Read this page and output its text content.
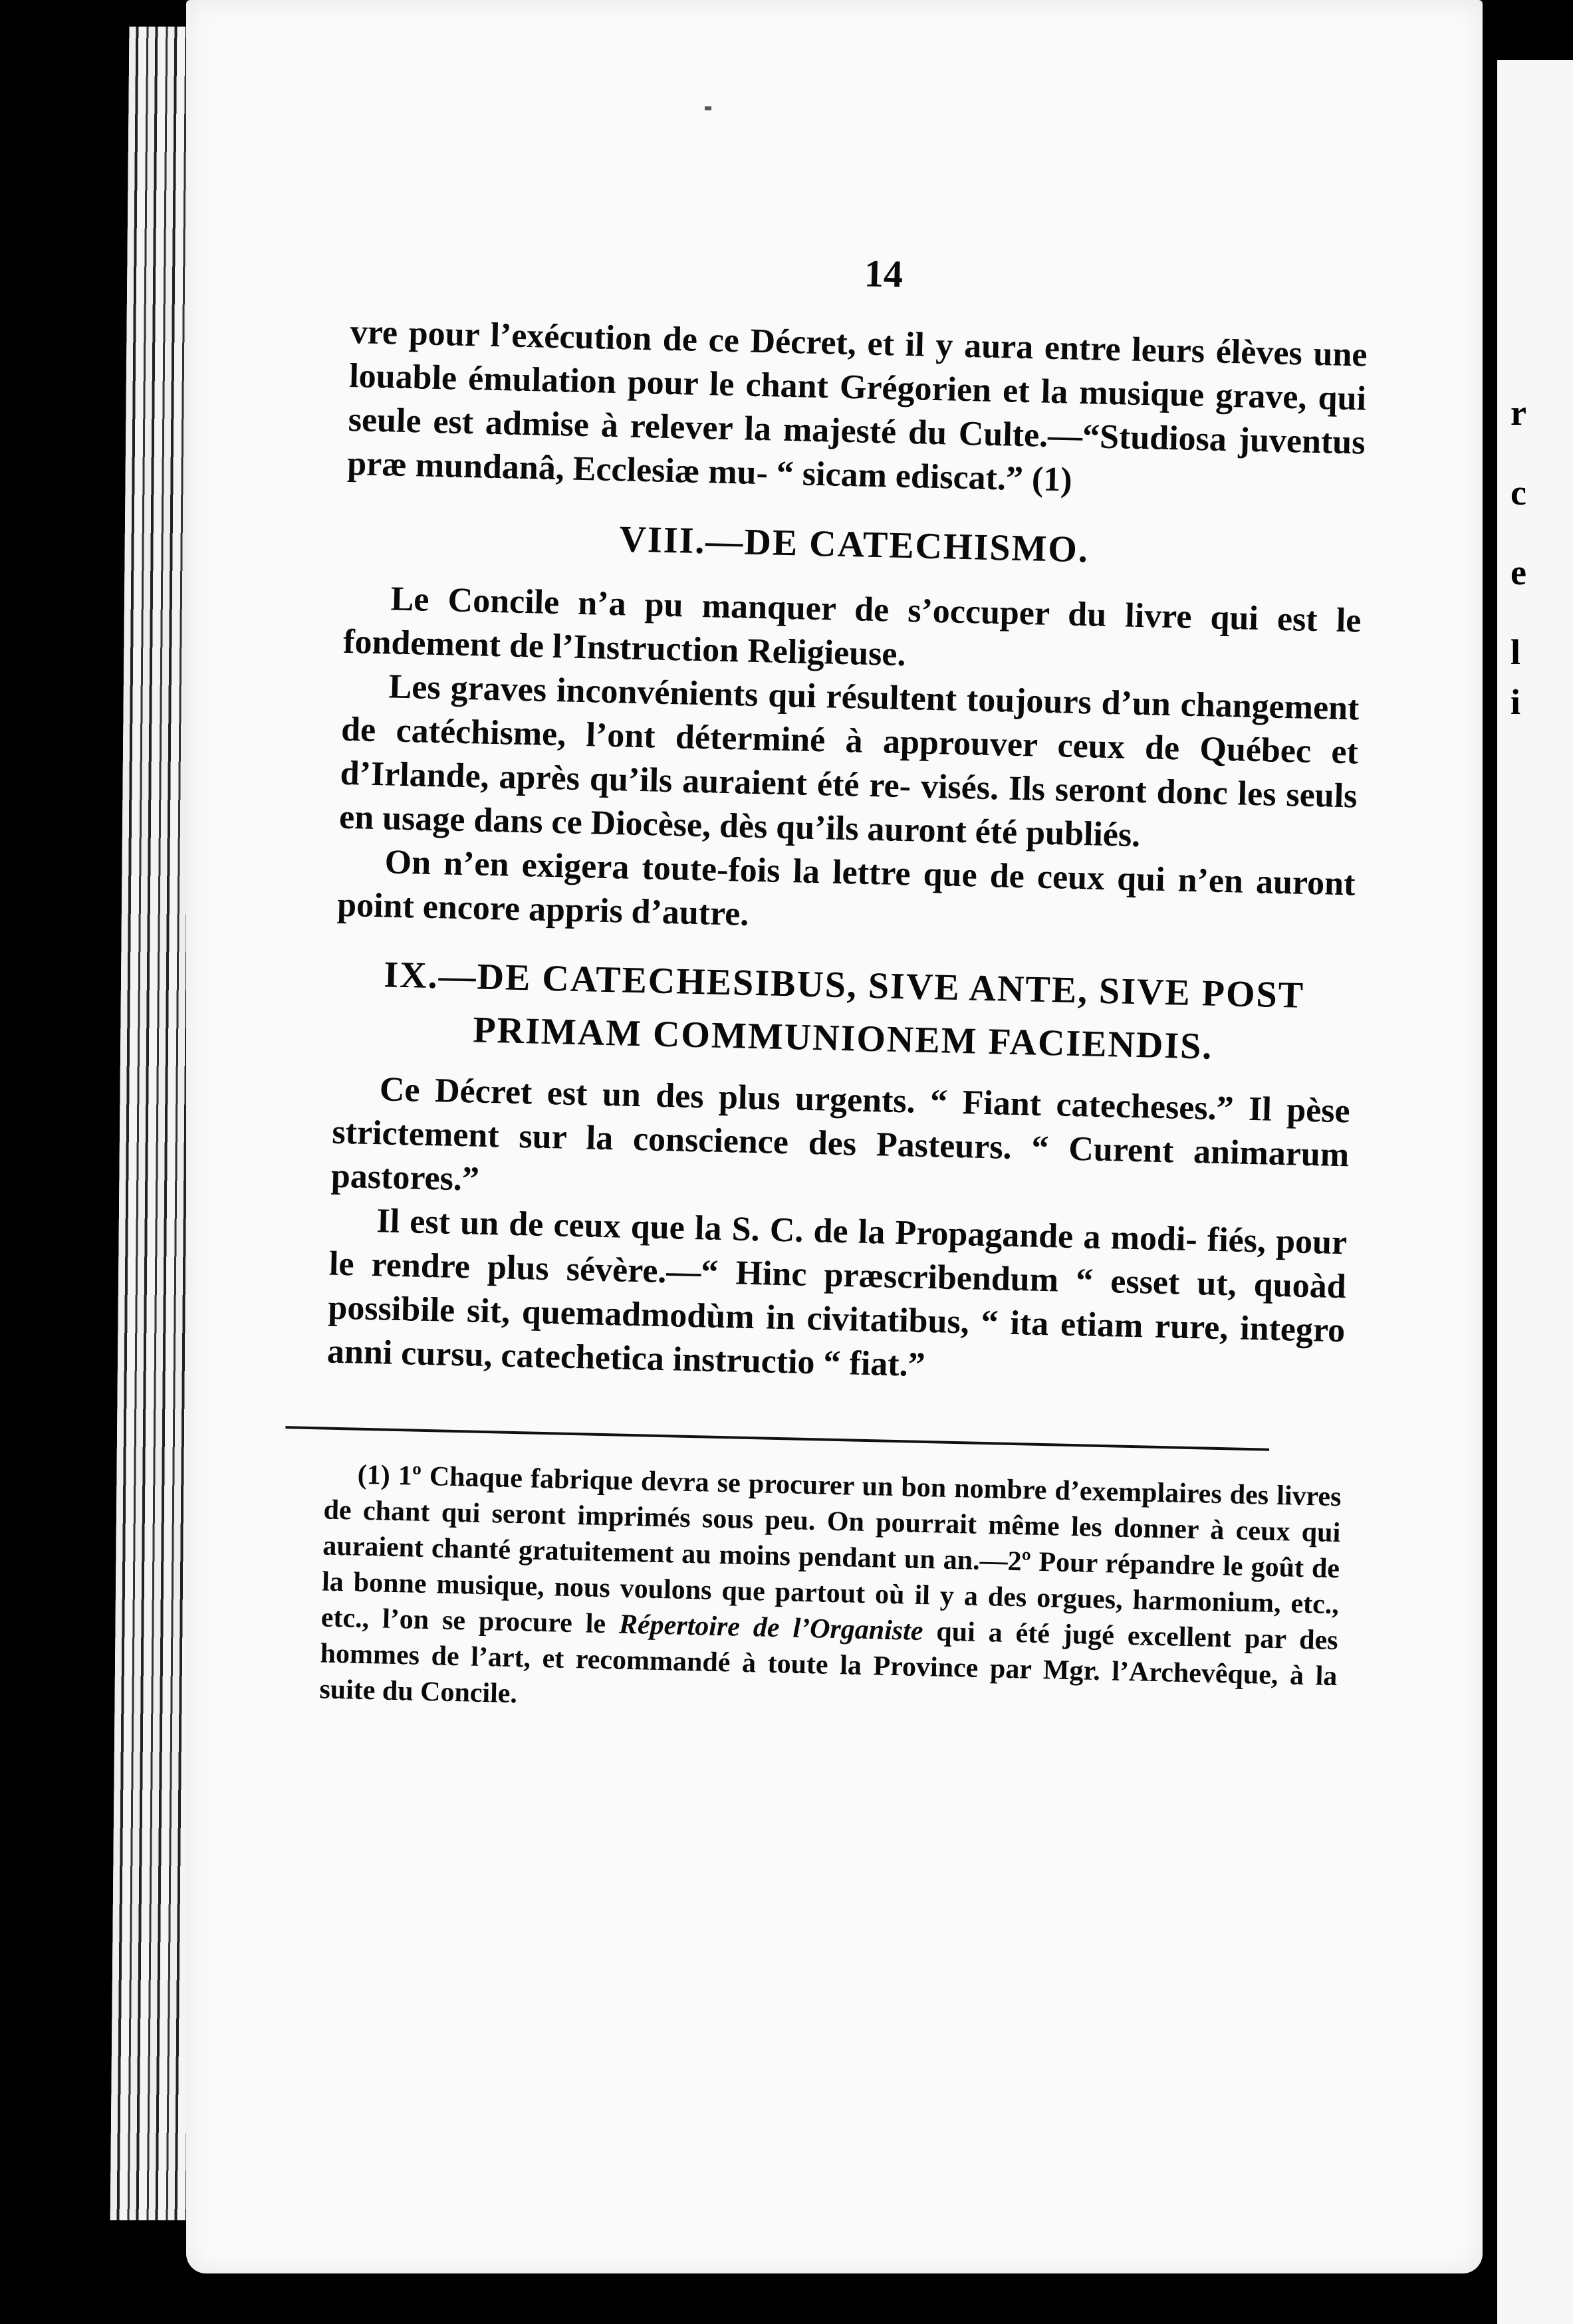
r
c
e
l
i
14

vre pour l’exécution de ce Décret, et il y aura entre leurs élèves une louable émulation pour le chant Grégorien et la musique grave, qui seule est admise à relever la majesté du Culte.—“Studiosa juventus præ mundanâ, Ecclesiæ mu- “ sicam ediscat.” (1)

VIII.—DE CATECHISMO.

Le Concile n’a pu manquer de s’occuper du livre qui est le fondement de l’Instruction Religieuse.

Les graves inconvénients qui résultent toujours d’un changement de catéchisme, l’ont déterminé à approuver ceux de Québec et d’Irlande, après qu’ils auraient été re- visés. Ils seront donc les seuls en usage dans ce Diocèse, dès qu’ils auront été publiés.

On n’en exigera toute-fois la lettre que de ceux qui n’en auront point encore appris d’autre.

IX.—DE CATECHESIBUS, SIVE ANTE, SIVE POST
PRIMAM COMMUNIONEM FACIENDIS.

Ce Décret est un des plus urgents. “ Fiant catecheses.” Il pèse strictement sur la conscience des Pasteurs. “ Curent animarum pastores.”

Il est un de ceux que la S. C. de la Propagande a modi- fiés, pour le rendre plus sévère.—“ Hinc præscribendum “ esset ut, quoàd possibile sit, quemadmodùm in civitatibus, “ ita etiam rure, integro anni cursu, catechetica instructio “ fiat.”

(1) 1º Chaque fabrique devra se procurer un bon nombre d’exemplaires des livres de chant qui seront imprimés sous peu. On pourrait même les donner à ceux qui auraient chanté gratuitement au moins pendant un an.—2º Pour répandre le goût de la bonne musique, nous voulons que partout où il y a des orgues, harmonium, etc., etc., l’on se procure le Répertoire de l’Organiste qui a été jugé excellent par des hommes de l’art, et recommandé à toute la Province par Mgr. l’Archevêque, à la suite du Concile.
